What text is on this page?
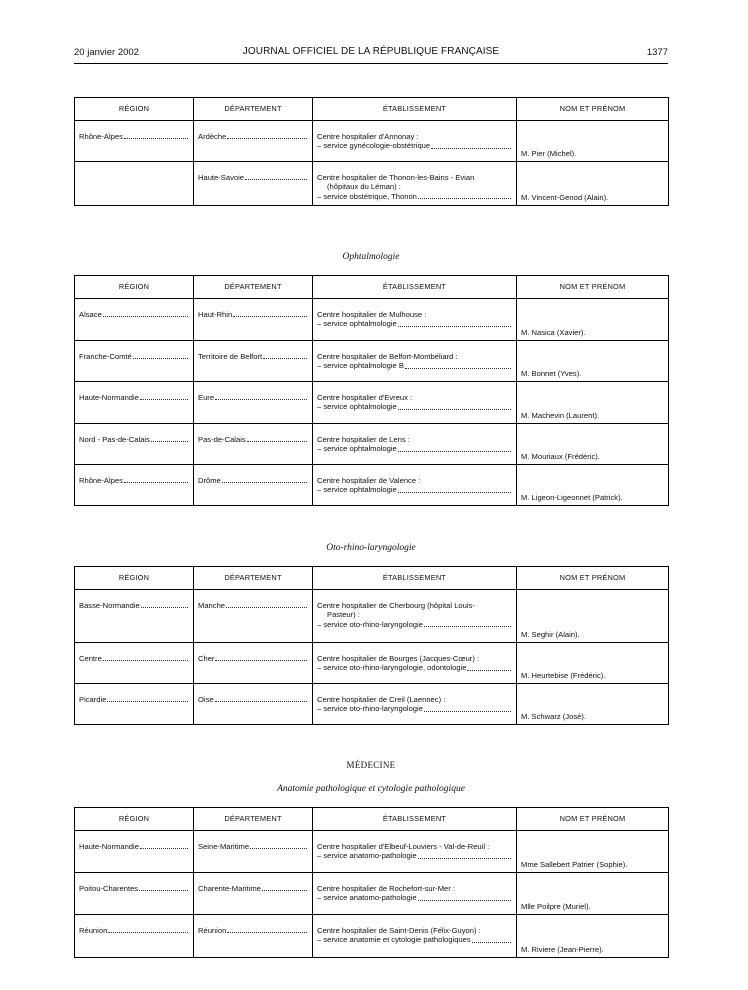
20 janvier 2002	JOURNAL OFFICIEL DE LA RÉPUBLIQUE FRANÇAISE	1377
RÉGION	DÉPARTEMENT	ÉTABLISSEMENT	NOM ET PRÉNOM

Rhône-Alpes	Ardèche	Centre hospitalier d'Annonay :
– service gynécologie-obstétrique	M. Pier (Michel).

	Haute-Savoie	Centre hospitalier de Thonon-les-Bains - Evian
(hôpitaux du Léman) :
– service obstétrique, Thonon	M. Vincent-Genod (Alain).
Ophtalmologie
RÉGION	DÉPARTEMENT	ÉTABLISSEMENT	NOM ET PRÉNOM

Alsace	Haut-Rhin	Centre hospitalier de Mulhouse :
– service ophtalmologie	M. Nasica (Xavier).

Franche-Comté	Territoire de Belfort	Centre hospitalier de Belfort-Montbéliard :
– service ophtalmologie B	M. Bonnet (Yves).

Haute-Normandie	Eure	Centre hospitalier d'Evreux :
– service ophtalmologie	M. Machevin (Laurent).

Nord - Pas-de-Calais	Pas-de-Calais	Centre hospitalier de Lens :
– service ophtalmologie	M. Mouriaux (Frédéric).

Rhône-Alpes	Drôme	Centre hospitalier de Valence :
– service ophtalmologie	M. Ligeon-Ligeonnet (Patrick).
Oto-rhino-laryngologie
RÉGION	DÉPARTEMENT	ÉTABLISSEMENT	NOM ET PRÉNOM

Basse-Normandie	Manche	Centre hospitalier de Cherbourg (hôpital Louis-
Pasteur) :
– service oto-rhino-laryngologie	M. Seghir (Alain).

Centre	Cher	Centre hospitalier de Bourges (Jacques-Cœur) :
– service oto-rhino-laryngologie, odontologie	M. Heurtebise (Frédéric).

Picardie	Oise	Centre hospitalier de Creil (Laennec) :
– service oto-rhino-laryngologie	M. Schwarz (José).
MÉDECINE
Anatomie pathologique et cytologie pathologique
RÉGION	DÉPARTEMENT	ÉTABLISSEMENT	NOM ET PRÉNOM

Haute-Normandie	Seine-Maritime	Centre hospitalier d'Elbeuf-Louviers - Val-de-Reuil :
– service anatomo-pathologie	Mme Sallebert Patrier (Sophie).

Poitou-Charentes	Charente-Maritime	Centre hospitalier de Rochefort-sur-Mer :
– service anatomo-pathologie	Mlle Poilpre (Muriel).

Réunion	Réunion	Centre hospitalier de Saint-Denis (Félix-Guyon) :
– service anatomie et cytologie pathologiques	M. Riviere (Jean-Pierre).
